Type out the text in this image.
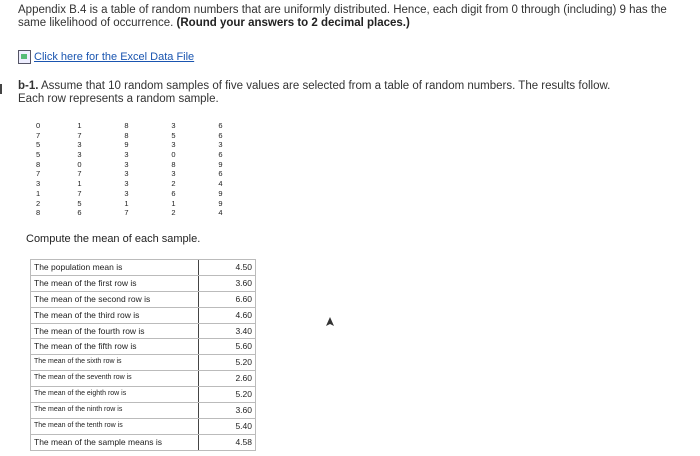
Appendix B.4 is a table of random numbers that are uniformly distributed. Hence, each digit from 0 through (including) 9 has the same likelihood of occurrence. (Round your answers to 2 decimal places.)
Click here for the Excel Data File
b-1. Assume that 10 random samples of five values are selected from a table of random numbers. The results follow. Each row represents a random sample.
0	1	8	3	6
7	7	8	5	6
5	3	9	3	3
5	3	3	0	6
8	0	3	8	9
7	7	3	3	6
3	1	3	2	4
1	7	3	6	9
2	5	1	1	9
8	6	7	2	4
Compute the mean of each sample.
The population mean is	4.50
The mean of the first row is	3.60
The mean of the second row is	6.60
The mean of the third row is	4.60
The mean of the fourth row is	3.40
The mean of the fifth row is	5.60
The mean of the sixth row is	5.20
The mean of the seventh row is	2.60
The mean of the eighth row is	5.20
The mean of the ninth row is	3.60
The mean of the tenth row is	5.40
The mean of the sample means is	4.58
